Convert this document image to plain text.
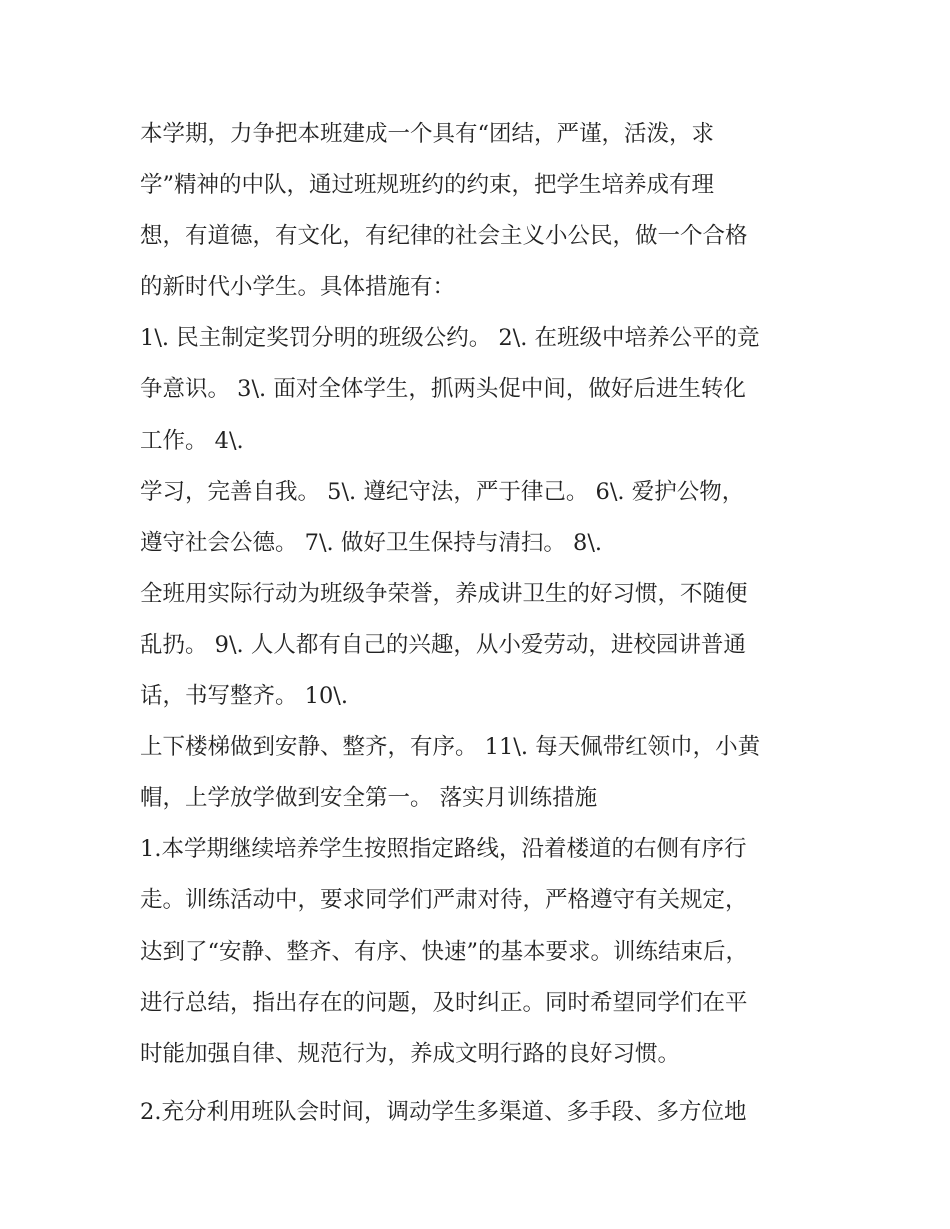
本学期，力争把本班建成一个具有“团结，严谨，活泼，求
学”精神的中队，通过班规班约的约束，把学生培养成有理
想，有道德，有文化，有纪律的社会主义小公民，做一个合格
的新时代小学生。具体措施有：
1\. 民主制定奖罚分明的班级公约。 2\. 在班级中培养公平的竞
争意识。 3\. 面对全体学生，抓两头促中间，做好后进生转化
工作。 4\.
学习，完善自我。 5\. 遵纪守法，严于律己。 6\. 爱护公物，
遵守社会公德。 7\. 做好卫生保持与清扫。 8\.
全班用实际行动为班级争荣誉，养成讲卫生的好习惯，不随便
乱扔。 9\. 人人都有自己的兴趣，从小爱劳动，进校园讲普通
话，书写整齐。 10\.
上下楼梯做到安静、整齐，有序。 11\. 每天佩带红领巾，小黄
帽，上学放学做到安全第一。 落实月训练措施
1.本学期继续培养学生按照指定路线，沿着楼道的右侧有序行
走。训练活动中，要求同学们严肃对待，严格遵守有关规定，
达到了“安静、整齐、有序、快速”的基本要求。训练结束后，
进行总结，指出存在的问题，及时纠正。同时希望同学们在平
时能加强自律、规范行为，养成文明行路的良好习惯。
2.充分利用班队会时间，调动学生多渠道、多手段、多方位地
